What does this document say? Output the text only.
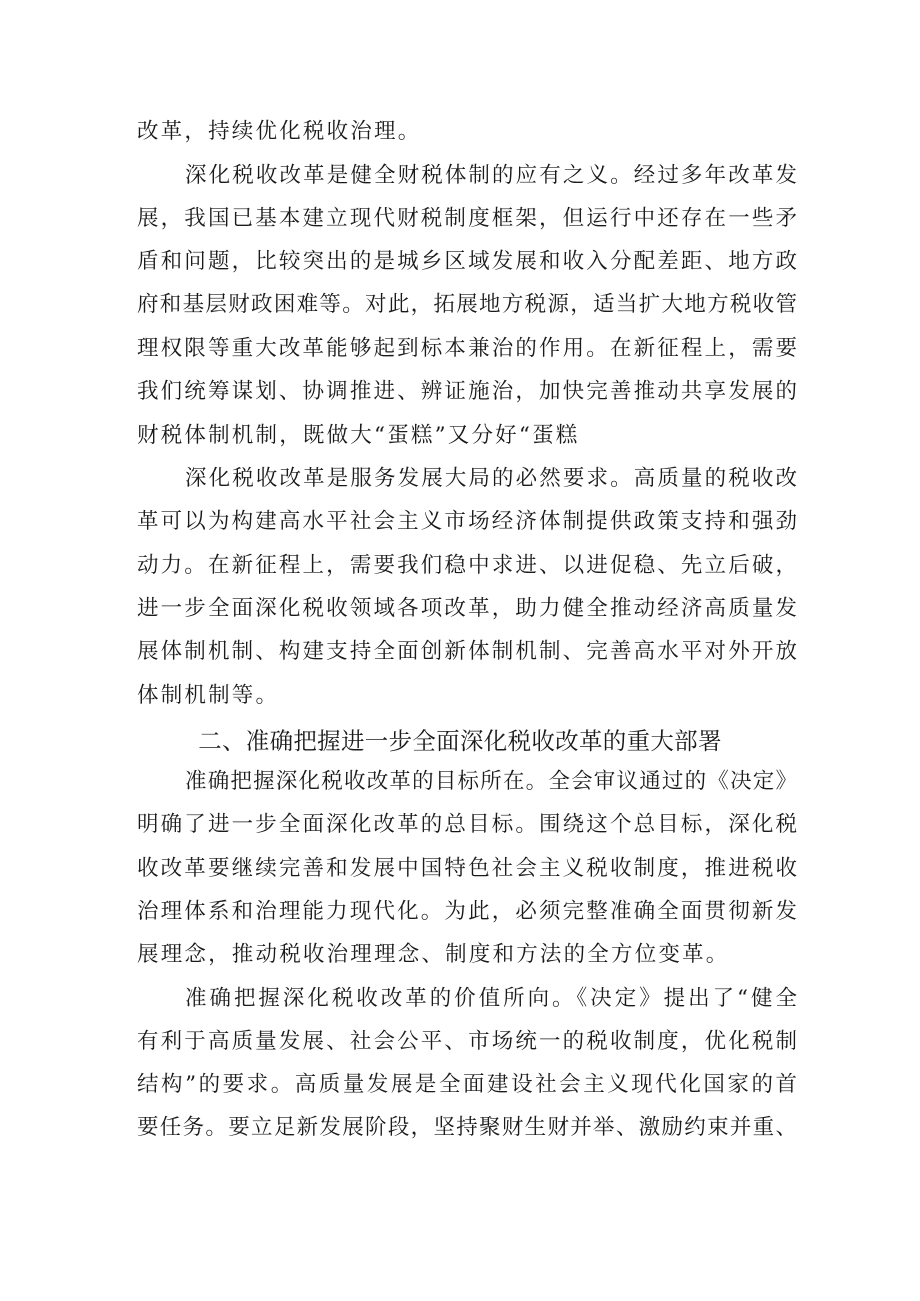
改革，持续优化税收治理。
深化税收改革是健全财税体制的应有之义。经过多年改革发
展，我国已基本建立现代财税制度框架，但运行中还存在一些矛
盾和问题，比较突出的是城乡区域发展和收入分配差距、地方政
府和基层财政困难等。对此，拓展地方税源，适当扩大地方税收管
理权限等重大改革能够起到标本兼治的作用。在新征程上，需要
我们统筹谋划、协调推进、辨证施治，加快完善推动共享发展的
财税体制机制，既做大“蛋糕”又分好“蛋糕
深化税收改革是服务发展大局的必然要求。高质量的税收改
革可以为构建高水平社会主义市场经济体制提供政策支持和强劲
动力。在新征程上，需要我们稳中求进、以进促稳、先立后破，
进一步全面深化税收领域各项改革，助力健全推动经济高质量发
展体制机制、构建支持全面创新体制机制、完善高水平对外开放
体制机制等。
二、准确把握进一步全面深化税收改革的重大部署
准确把握深化税收改革的目标所在。全会审议通过的《决定》
明确了进一步全面深化改革的总目标。围绕这个总目标，深化税
收改革要继续完善和发展中国特色社会主义税收制度，推进税收
治理体系和治理能力现代化。为此，必须完整准确全面贯彻新发
展理念，推动税收治理理念、制度和方法的全方位变革。
准确把握深化税收改革的价值所向。《决定》提出了“健全
有利于高质量发展、社会公平、市场统一的税收制度，优化税制
结构”的要求。高质量发展是全面建设社会主义现代化国家的首
要任务。要立足新发展阶段，坚持聚财生财并举、激励约束并重、
